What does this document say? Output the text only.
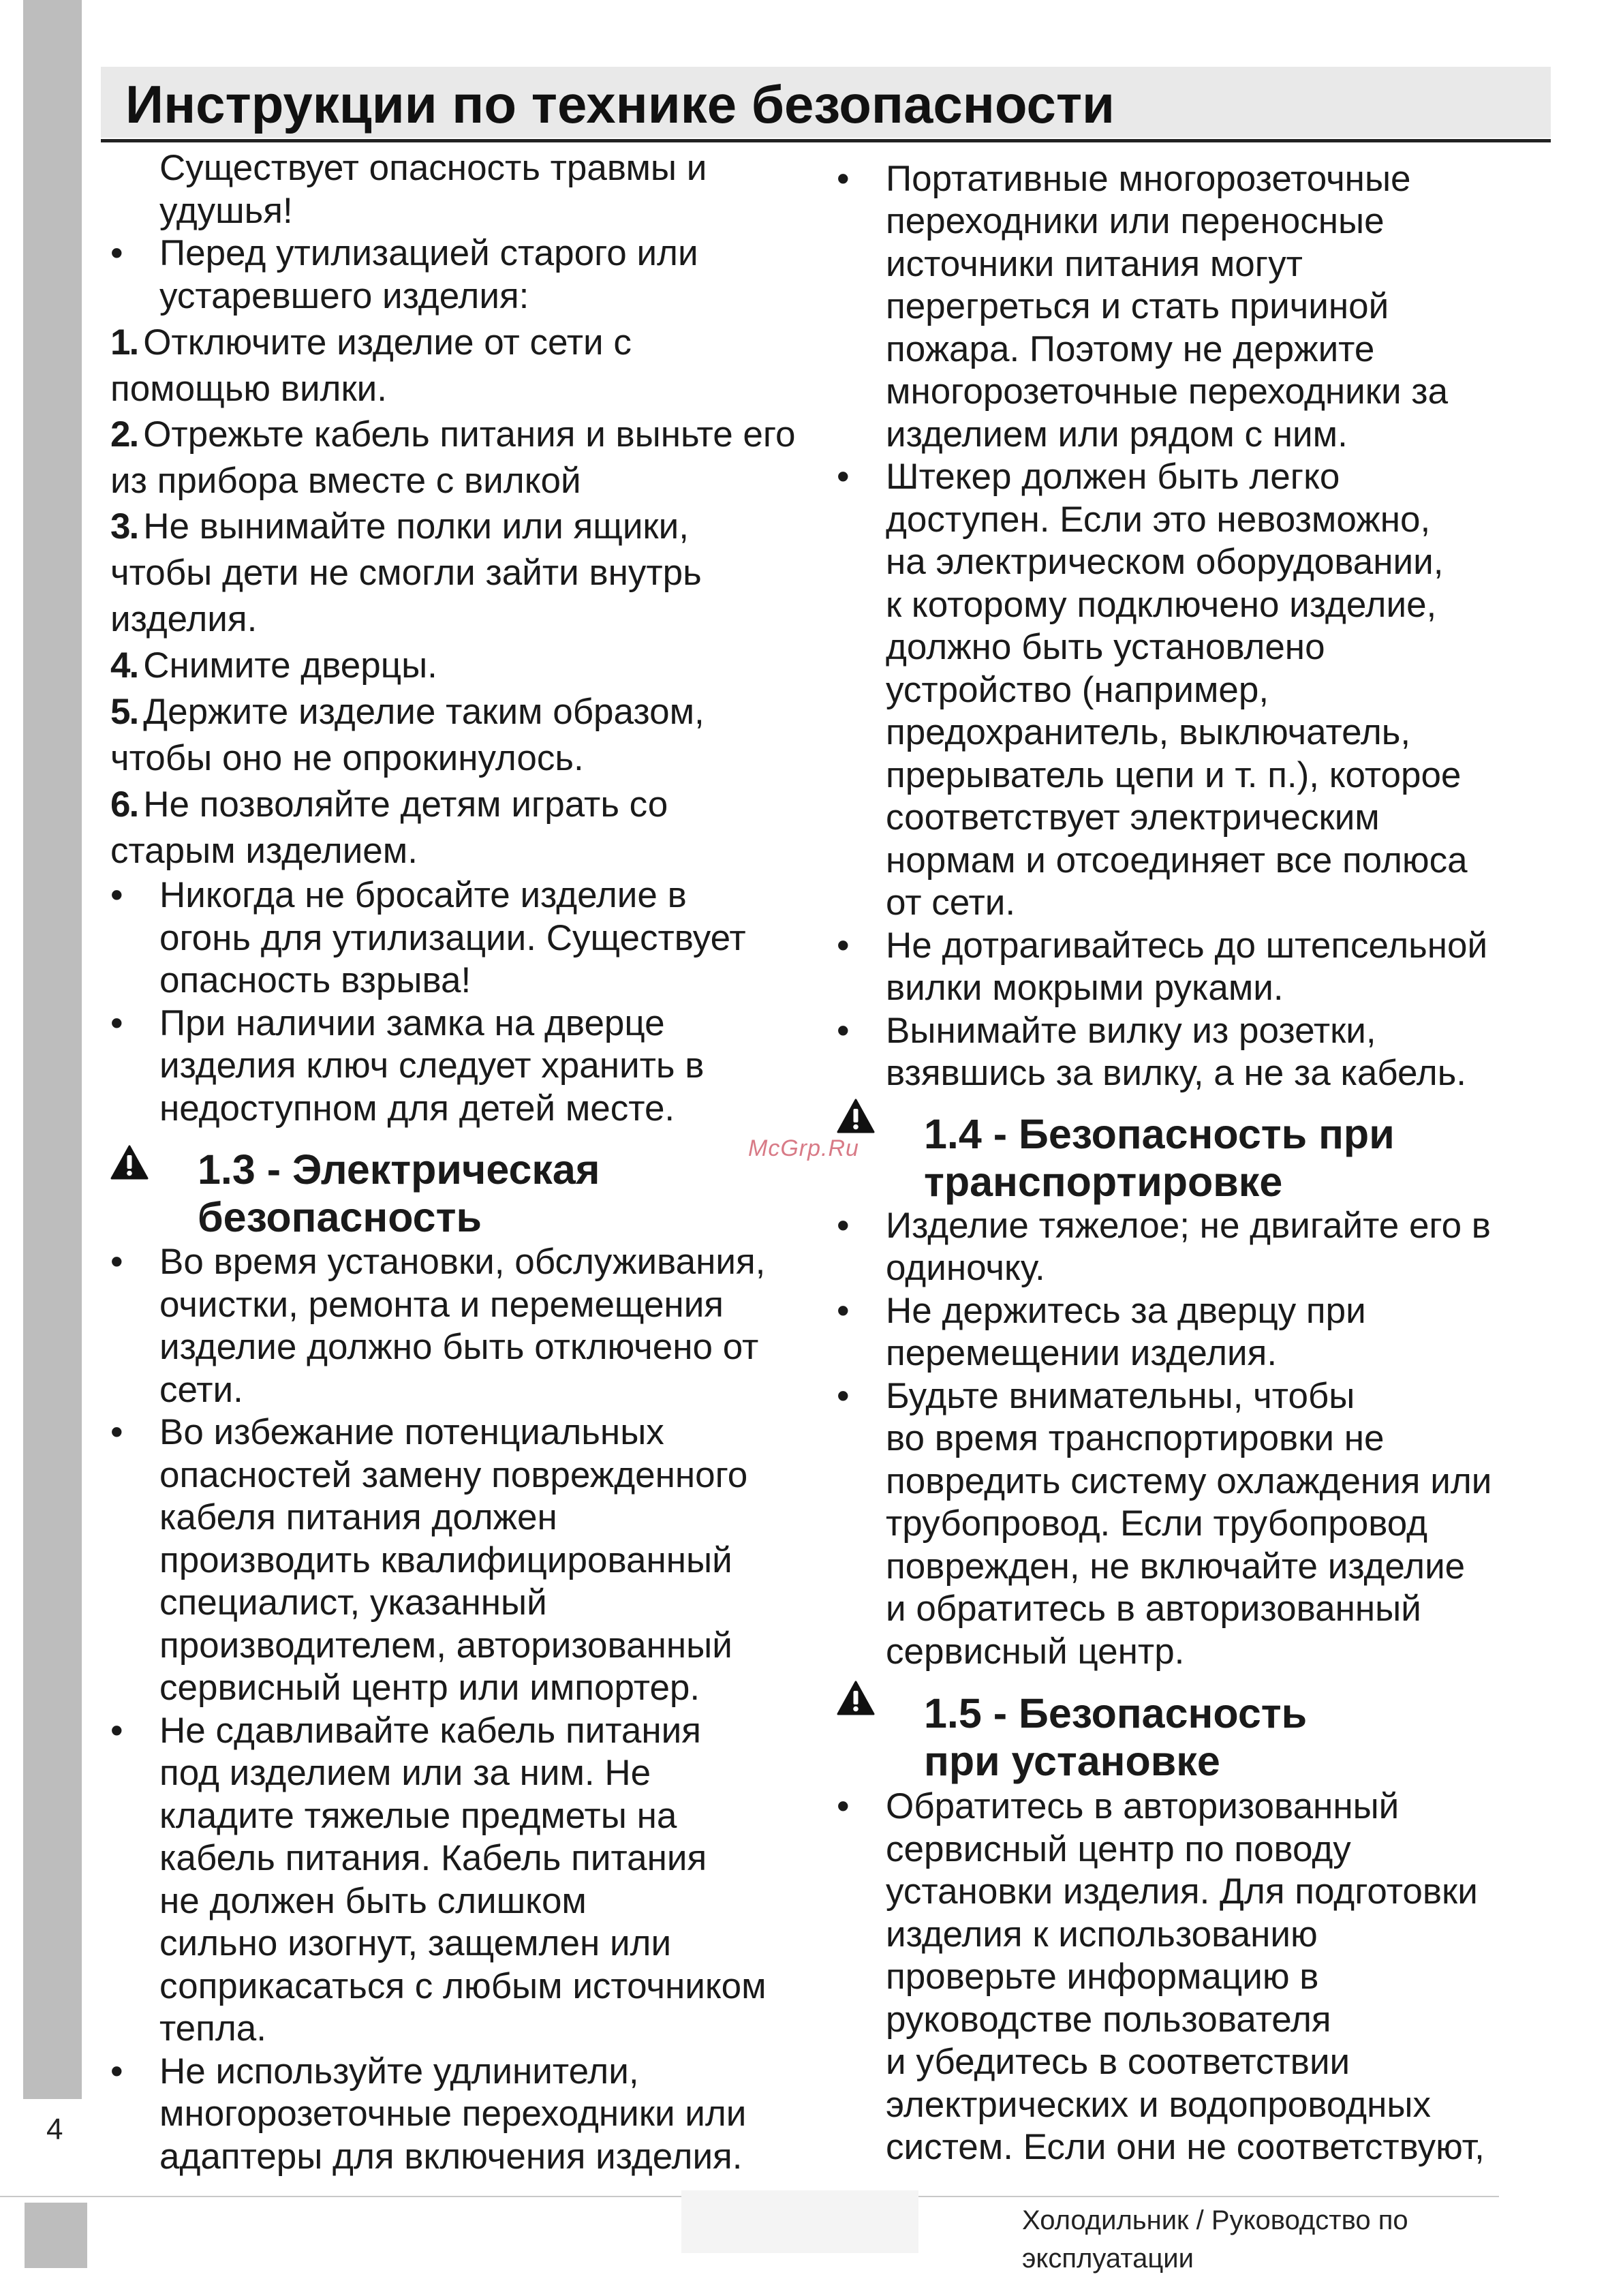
Инструкции по технике безопасности
Существует опасность травмы и
удушья!
• Перед утилизацией старого или
устаревшего изделия:
1. Отключите изделие от сети с
помощью вилки.
2. Отрежьте кабель питания и выньте его
из прибора вместе с вилкой
3. Не вынимайте полки или ящики,
чтобы дети не смогли зайти внутрь
изделия.
4. Снимите дверцы.
5. Держите изделие таким образом,
чтобы оно не опрокинулось.
6. Не позволяйте детям играть со
старым изделием.
• Никогда не бросайте изделие в
огонь для утилизации. Существует
опасность взрыва!
• При наличии замка на дверце
изделия ключ следует хранить в
недоступном для детей месте.
1.3 - Электрическая
безопасность
• Во время установки, обслуживания,
очистки, ремонта и перемещения
изделие должно быть отключено от
сети.
• Во избежание потенциальных
опасностей замену поврежденного
кабеля питания должен
производить квалифицированный
специалист, указанный
производителем, авторизованный
сервисный центр или импортер.
• Не сдавливайте кабель питания
под изделием или за ним. Не
кладите тяжелые предметы на
кабель питания. Кабель питания
не должен быть слишком
сильно изогнут, защемлен или
соприкасаться с любым источником
тепла.
• Не используйте удлинители,
многорозеточные переходники или
адаптеры для включения изделия.
• Портативные многорозеточные
переходники или переносные
источники питания могут
перегреться и стать причиной
пожара. Поэтому не держите
многорозеточные переходники за
изделием или рядом с ним.
• Штекер должен быть легко
доступен. Если это невозможно,
на электрическом оборудовании,
к которому подключено изделие,
должно быть установлено
устройство (например,
предохранитель, выключатель,
прерыватель цепи и т. п.), которое
соответствует электрическим
нормам и отсоединяет все полюса
от сети.
• Не дотрагивайтесь до штепсельной
вилки мокрыми руками.
• Вынимайте вилку из розетки,
взявшись за вилку, а не за кабель.
1.4 - Безопасность при
транспортировке
• Изделие тяжелое; не двигайте его в
одиночку.
• Не держитесь за дверцу при
перемещении изделия.
• Будьте внимательны, чтобы
во время транспортировки не
повредить систему охлаждения или
трубопровод. Если трубопровод
поврежден, не включайте изделие
и обратитесь в авторизованный
сервисный центр.
1.5 - Безопасность
при установке
• Обратитесь в авторизованный
сервисный центр по поводу
установки изделия. Для подготовки
изделия к использованию
проверьте информацию в
руководстве пользователя
и убедитесь в соответствии
электрических и водопроводных
систем. Если они не соответствуют,
McGrp.Ru
4
Холодильник / Руководство по
эксплуатации
